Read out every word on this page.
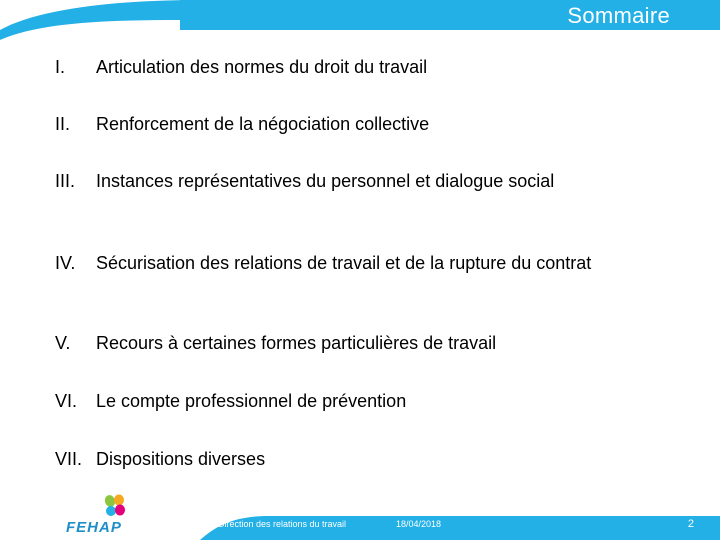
Sommaire
I.	Articulation des normes du droit du travail
II.	Renforcement de la négociation collective
III.	Instances représentatives du personnel et dialogue social
IV.	Sécurisation des relations de travail et de la rupture du contrat
V.	Recours à certaines formes particulières de travail
VI.	Le compte professionnel de prévention
VII. Dispositions diverses
FEHAP	Direction des relations du travail	18/04/2018	2
